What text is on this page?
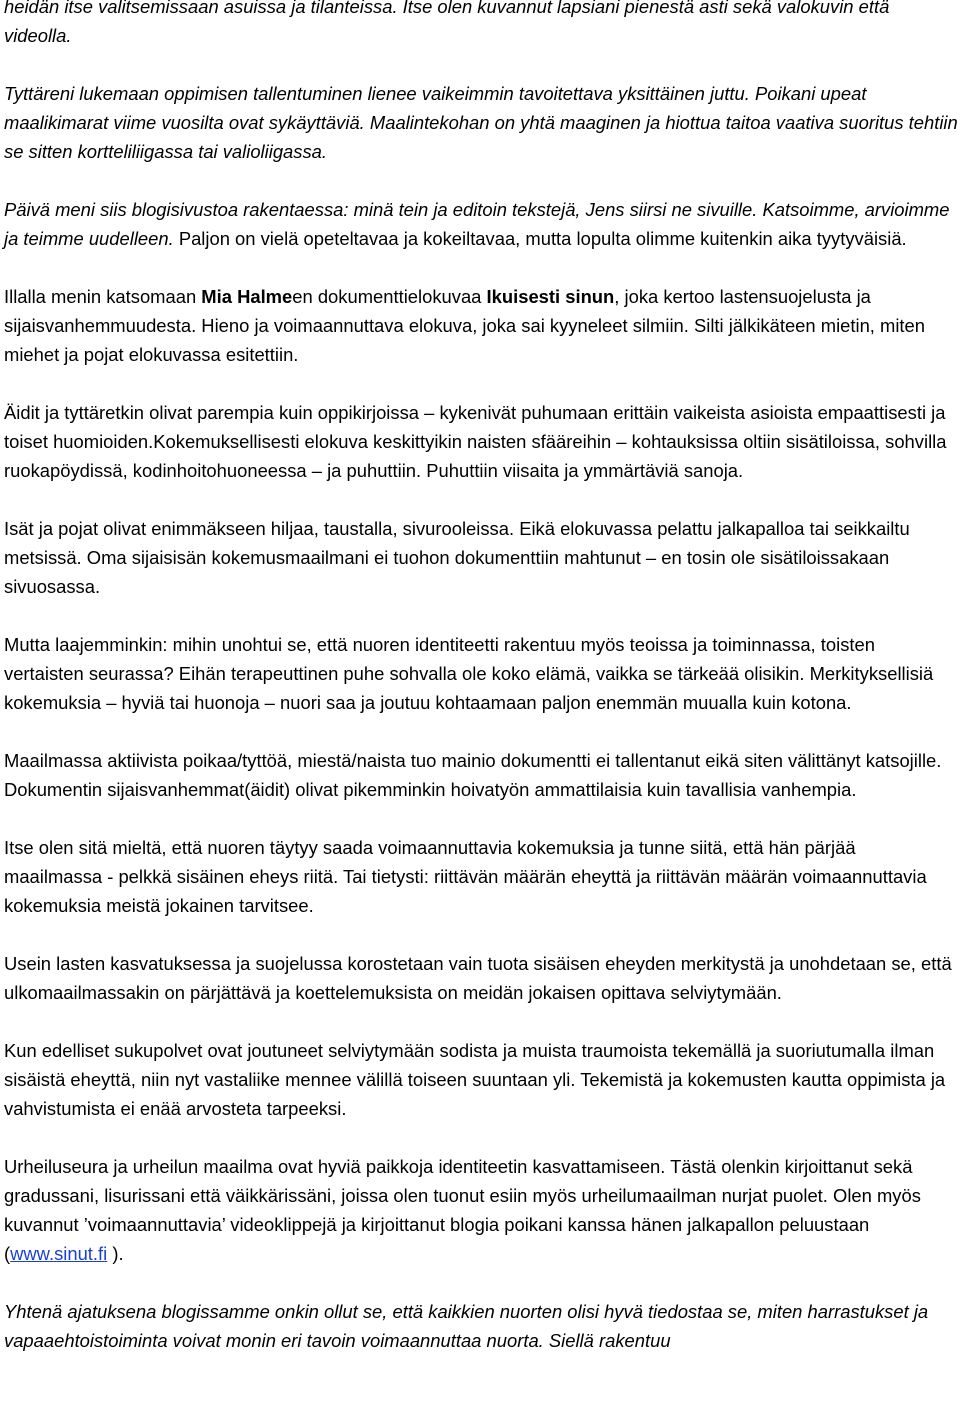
heidän itse valitsemissaan asuissa ja tilanteissa. Itse olen kuvannut lapsiani pienestä asti sekä valokuvin että videolla.

Tyttäreni lukemaan oppimisen tallentuminen lienee vaikeimmin tavoitettava yksittäinen juttu. Poikani upeat maalikimarat viime vuosilta ovat sykäyttäviä. Maalintekohan on yhtä maaginen ja hiottua taitoa vaativa suoritus tehtiin se sitten kortteliliigassa tai valioliigassa.

Päivä meni siis blogisivustoa rakentaessa: minä tein ja editoin tekstejä, Jens siirsi ne sivuille. Katsoimme, arvioimme ja teimme uudelleen. Paljon on vielä opeteltavaa ja kokeiltavaa, mutta lopulta olimme kuitenkin aika tyytyväisiä.

Illalla menin katsomaan Mia Halmeen dokumenttielokuvaa Ikuisesti sinun, joka kertoo lastensuojelusta ja sijaisvanhemmuudesta. Hieno ja voimaannuttava elokuva, joka sai kyyneleet silmiin. Silti jälkikäteen mietin, miten miehet ja pojat elokuvassa esitettiin.

Äidit ja tyttäretkin olivat parempia kuin oppikirjoissa – kykenivät puhumaan erittäin vaikeista asioista empaattisesti ja toiset huomioiden.Kokemuksellisesti elokuva keskittyikin naisten sfääreihin – kohtauksissa oltiin sisätiloissa, sohvilla ruokapöydissä, kodinhoitohuoneessa – ja puhuttiin. Puhuttiin viisaita ja ymmärtäviä sanoja.

Isät ja pojat olivat enimmäkseen hiljaa, taustalla, sivurooleissa. Eikä elokuvassa pelattu jalkapalloa tai seikkailtu metsissä. Oma sijaisisän kokemusmaailmani ei tuohon dokumenttiin mahtunut – en tosin ole sisätiloissakaan sivuosassa.

Mutta laajemminkin: mihin unohtui se, että nuoren identiteetti rakentuu myös teoissa ja toiminnassa, toisten vertaisten seurassa? Eihän terapeuttinen puhe sohvalla ole koko elämä, vaikka se tärkeää olisikin. Merkityksellisiä kokemuksia – hyviä tai huonoja – nuori saa ja joutuu kohtaamaan paljon enemmän muualla kuin kotona.

Maailmassa aktiivista poikaa/tyttöä, miestä/naista tuo mainio dokumentti ei tallentanut eikä siten välittänyt katsojille. Dokumentin sijaisvanhemmat(äidit) olivat pikemminkin hoivatyön ammattilaisia kuin tavallisia vanhempia.

Itse olen sitä mieltä, että nuoren täytyy saada voimaannuttavia kokemuksia ja tunne siitä, että hän pärjää maailmassa - pelkkä sisäinen eheys riitä. Tai tietysti: riittävän määrän eheyttä ja riittävän määrän voimaannuttavia kokemuksia meistä jokainen tarvitsee.

Usein lasten kasvatuksessa ja suojelussa korostetaan vain tuota sisäisen eheyden merkitystä ja unohdetaan se, että ulkomaailmassakin on pärjättävä ja koettelemuksista on meidän jokaisen opittava selviytymään.

Kun edelliset sukupolvet ovat joutuneet selviytymään sodista ja muista traumoista tekemällä ja suoriutumalla ilman sisäistä eheyttä, niin nyt vastaliike mennee välillä toiseen suuntaan yli. Tekemistä ja kokemusten kautta oppimista ja vahvistumista ei enää arvosteta tarpeeksi.

Urheiluseura ja urheilun maailma ovat hyviä paikkoja identiteetin kasvattamiseen. Tästä olenkin kirjoittanut sekä gradussani, lisurissani että väikkärissäni, joissa olen tuonut esiin myös urheilumaailman nurjat puolet. Olen myös kuvannut ’voimaannuttavia’ videoklippejä ja kirjoittanut blogia poikani kanssa hänen jalkapallon peluustaan (www.sinut.fi ).

Yhtenä ajatuksena blogissamme onkin ollut se, että kaikkien nuorten olisi hyvä tiedostaa se, miten harrastukset ja vapaaehtoistoiminta voivat monin eri tavoin voimaannuttaa nuorta. Siellä rakentuu
